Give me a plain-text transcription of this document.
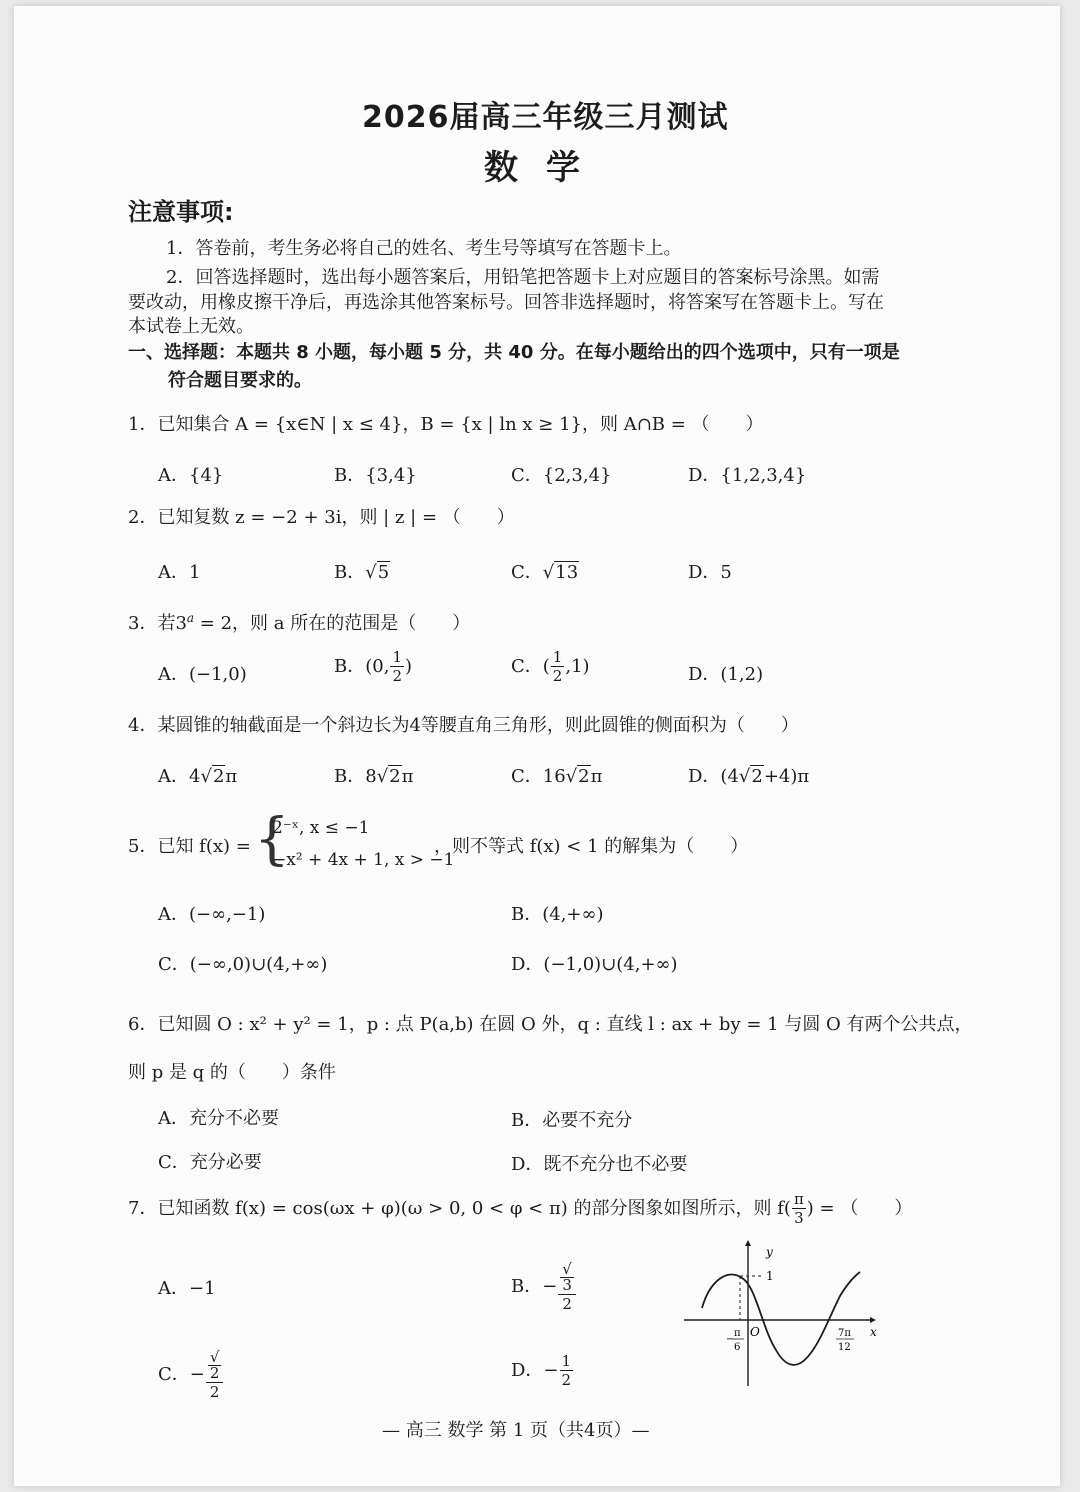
2026届高三年级三月测试
数学
注意事项:
1．答卷前，考生务必将自己的姓名、考生号等填写在答题卡上。
2．回答选择题时，选出每小题答案后，用铅笔把答题卡上对应题目的答案标号涂黑。如需
要改动，用橡皮擦干净后，再选涂其他答案标号。回答非选择题时，将答案写在答题卡上。写在
本试卷上无效。
一、选择题：本题共 8 小题，每小题 5 分，共 40 分。在每小题给出的四个选项中，只有一项是
符合题目要求的。
1．已知集合 A = {x∈N | x ≤ 4}，B = {x | ln x ≥ 1}，则 A∩B = （　　）
A．{4}	B．{3,4}	C．{2,3,4}	D．{1,2,3,4}
2．已知复数 z = −2 + 3i，则 | z | = （　　）
A．1	B．√5	C．√13	D．5
3．若$3^a = 2$，则 a 所在的范围是（　　）
A．(−1,0)	B．(0, $\frac{1}{2}$ )	C．( $\frac{1}{2} ,1$)	D．(1,2)
4．某圆锥的轴截面是一个斜边长为4等腰直角三角形，则此圆锥的侧面积为（　　）
A．4√2π	B．8√2π	C．16√2π	D．(4√2+4)π
5．已知 f(x) = {
2⁻ˣ, x ≤ −1
−x² + 4x + 1, x > −1
，则不等式 f(x) < 1 的解集为（　　）
A．(−∞,−1)	B．(4,+∞)
C．(−∞,0)∪(4,+∞)	D．(−1,0)∪(4,+∞)
6．已知圆 O : x² + y² = 1，p : 点 P(a,b) 在圆 O 外，q : 直线 l : ax + by = 1 与圆 O 有两个公共点，
则 p 是 q 的（　　）条件
A．充分不必要	B．必要不充分
C．充分必要	D．既不充分也不必要
7．已知函数 f(x) = cos(ωx + φ)(ω > 0, 0 < φ < π) 的部分图象如图所示，则 $f( \frac{\pi}{3}$ ) = （　　）
A．−1	B．− √
3
2
C．− √
2
2	D．− $\frac{1}{2}$
y
x
O
1
−
π
6
7π
12
— 高三 数学 第 1 页（共4页）—
